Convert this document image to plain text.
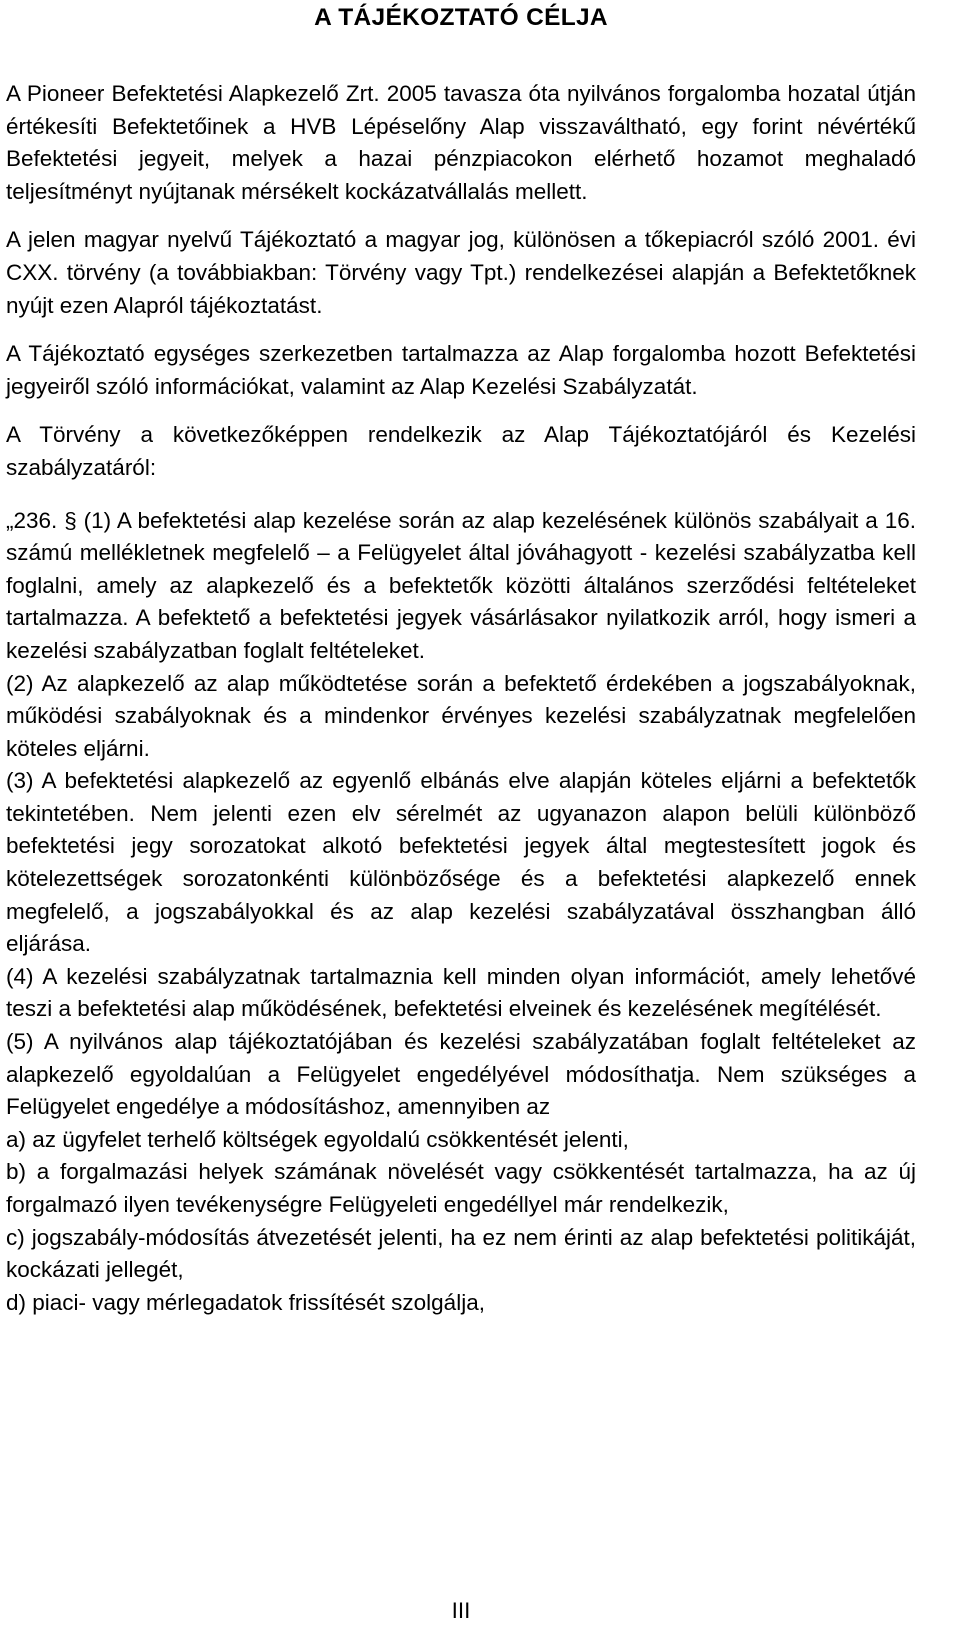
A TÁJÉKOZTATÓ CÉLJA

A Pioneer Befektetési Alapkezelő Zrt. 2005 tavasza óta nyilvános forgalomba hozatal útján értékesíti Befektetőinek a HVB Lépéselőny Alap visszaváltható, egy forint névértékű Befektetési jegyeit, melyek a hazai pénzpiacokon elérhető hozamot meghaladó teljesítményt nyújtanak mérsékelt kockázatvállalás mellett.

A jelen magyar nyelvű Tájékoztató a magyar jog, különösen a tőkepiacról szóló 2001. évi CXX. törvény (a továbbiakban: Törvény vagy Tpt.) rendelkezései alapján a Befektetőknek nyújt ezen Alapról tájékoztatást.

A Tájékoztató egységes szerkezetben tartalmazza az Alap forgalomba hozott Befektetési jegyeiről szóló információkat, valamint az Alap Kezelési Szabályzatát.

A Törvény a következőképpen rendelkezik az Alap Tájékoztatójáról és Kezelési szabályzatáról:

„236. § (1) A befektetési alap kezelése során az alap kezelésének különös szabályait a 16. számú mellékletnek megfelelő – a Felügyelet által jóváhagyott - kezelési szabályzatba kell foglalni, amely az alapkezelő és a befektetők közötti általános szerződési feltételeket tartalmazza. A befektető a befektetési jegyek vásárlásakor nyilatkozik arról, hogy ismeri a kezelési szabályzatban foglalt feltételeket.

(2) Az alapkezelő az alap működtetése során a befektető érdekében a jogszabályoknak, működési szabályoknak és a mindenkor érvényes kezelési szabályzatnak megfelelően köteles eljárni.

(3) A befektetési alapkezelő az egyenlő elbánás elve alapján köteles eljárni a befektetők tekintetében. Nem jelenti ezen elv sérelmét az ugyanazon alapon belüli különböző befektetési jegy sorozatokat alkotó befektetési jegyek által megtestesített jogok és kötelezettségek sorozatonkénti különbözősége és a befektetési alapkezelő ennek megfelelő, a jogszabályokkal és az alap kezelési szabályzatával összhangban álló eljárása.

(4) A kezelési szabályzatnak tartalmaznia kell minden olyan információt, amely lehetővé teszi a befektetési alap működésének, befektetési elveinek és kezelésének megítélését.

(5) A nyilvános alap tájékoztatójában és kezelési szabályzatában foglalt feltételeket az alapkezelő egyoldalúan a Felügyelet engedélyével módosíthatja. Nem szükséges a Felügyelet engedélye a módosításhoz, amennyiben az

a) az ügyfelet terhelő költségek egyoldalú csökkentését jelenti,

b) a forgalmazási helyek számának növelését vagy csökkentését tartalmazza, ha az új forgalmazó ilyen tevékenységre Felügyeleti engedéllyel már rendelkezik,

c) jogszabály-módosítás átvezetését jelenti, ha ez nem érinti az alap befektetési politikáját, kockázati jellegét,

d) piaci- vagy mérlegadatok frissítését szolgálja,

III
